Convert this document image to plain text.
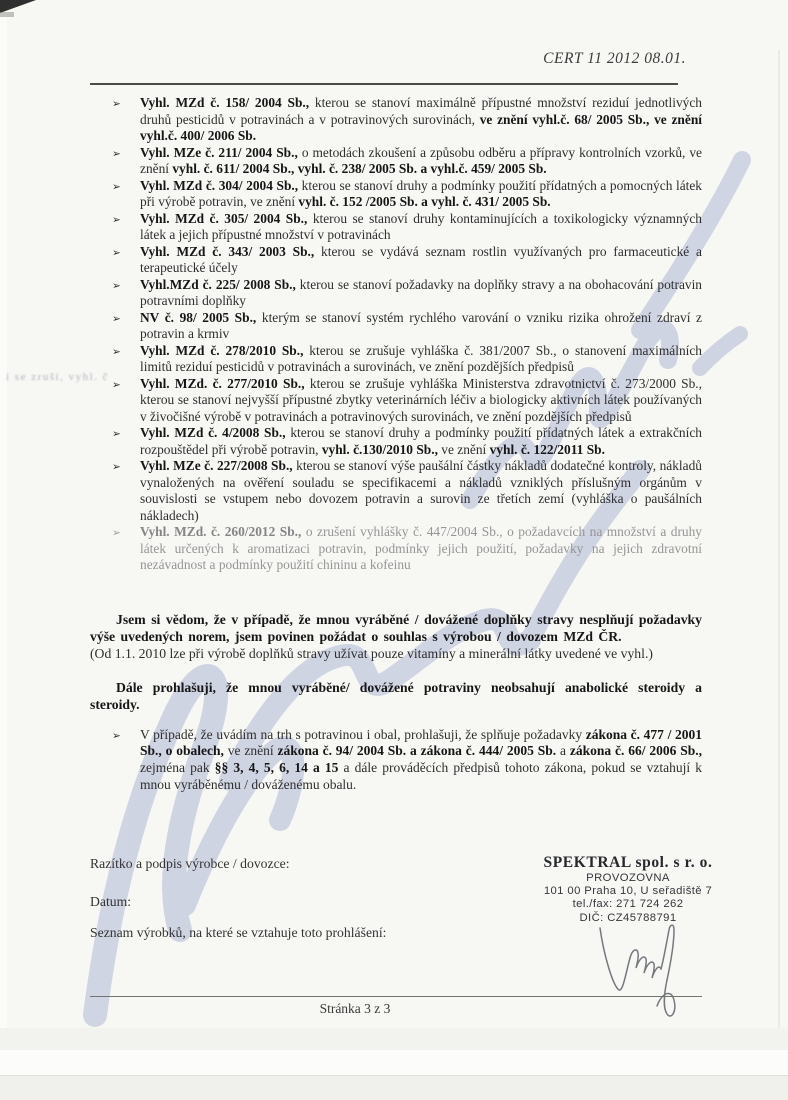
i se zruší, vyhl. č
CERT 11 2012 08.01.
➢ Vyhl. MZd č. 158/ 2004 Sb., kterou se stanoví maximálně přípustné množství reziduí jednotlivých druhů pesticidů v potravinách a v potravinových surovinách, ve znění vyhl.č. 68/ 2005 Sb., ve znění vyhl.č. 400/ 2006 Sb.
➢ Vyhl. MZe č. 211/ 2004 Sb., o metodách zkoušení a způsobu odběru a přípravy kontrolních vzorků, ve znění vyhl. č. 611/ 2004 Sb., vyhl. č. 238/ 2005 Sb. a vyhl.č. 459/ 2005 Sb.
➢ Vyhl. MZd č. 304/ 2004 Sb., kterou se stanoví druhy a podmínky použití přídatných a pomocných látek při výrobě potravin, ve znění vyhl. č. 152 /2005 Sb. a vyhl. č. 431/ 2005 Sb.
➢ Vyhl. MZd č. 305/ 2004 Sb., kterou se stanoví druhy kontaminujících a toxikologicky významných látek a jejich přípustné množství v potravinách
➢ Vyhl. MZd č. 343/ 2003 Sb., kterou se vydává seznam rostlin využívaných pro farmaceutické a terapeutické účely
➢ Vyhl.MZd č. 225/ 2008 Sb., kterou se stanoví požadavky na doplňky stravy a na obohacování potravin potravními doplňky
➢ NV č. 98/ 2005 Sb., kterým se stanoví systém rychlého varování o vzniku rizika ohrožení zdraví z potravin a krmiv
➢ Vyhl. MZd č. 278/2010 Sb., kterou se zrušuje vyhláška č. 381/2007 Sb., o stanovení maximálních limitů reziduí pesticidů v potravinách a surovinách, ve znění pozdějších předpisů
➢ Vyhl. MZd. č. 277/2010 Sb., kterou se zrušuje vyhláška Ministerstva zdravotnictví č. 273/2000 Sb., kterou se stanoví nejvyšší přípustné zbytky veterinárních léčiv a biologicky aktivních látek používaných v živočišné výrobě v potravinách a potravinových surovinách, ve znění pozdějších předpisů
➢ Vyhl. MZd č. 4/2008 Sb., kterou se stanoví druhy a podmínky použití přídatných látek a extrakčních rozpouštědel při výrobě potravin, vyhl. č.130/2010 Sb., ve znění vyhl. č. 122/2011 Sb.
➢ Vyhl. MZe č. 227/2008 Sb., kterou se stanoví výše paušální částky nákladů dodatečné kontroly, nákladů vynaložených na ověření souladu se specifikacemi a nákladů vzniklých příslušným orgánům v souvislosti se vstupem nebo dovozem potravin a surovin ze třetích zemí (vyhláška o paušálních nákladech)
➢ Vyhl. MZd. č. 260/2012 Sb., o zrušení vyhlášky č. 447/2004 Sb., o požadavcích na množství a druhy látek určených k aromatizaci potravin, podmínky jejich použití, požadavky na jejich zdravotní nezávadnost a podmínky použití chininu a kofeinu

Jsem si vědom, že v případě, že mnou vyráběné / dovážené doplňky stravy nesplňují požadavky výše uvedených norem, jsem povinen požádat o souhlas s výrobou / dovozem MZd ČR.

(Od 1.1. 2010 lze při výrobě doplňků stravy užívat pouze vitamíny a minerální látky uvedené ve vyhl.)

Dále prohlašuji, že mnou vyráběné/ dovážené potraviny neobsahují anabolické steroidy a steroidy.

➢ V případě, že uvádím na trh s potravinou i obal, prohlašuji, že splňuje požadavky zákona č. 477 / 2001 Sb., o obalech, ve znění zákona č. 94/ 2004 Sb. a zákona č. 444/ 2005 Sb. a zákona č. 66/ 2006 Sb., zejména pak §§ 3, 4, 5, 6, 14 a 15 a dále prováděcích předpisů tohoto zákona, pokud se vztahují k mnou vyráběnému / dováženému obalu.
Razítko a podpis výrobce / dovozce:
Datum:
Seznam výrobků, na které se vztahuje toto prohlášení:
SPEKTRAL spol. s r. o.
PROVOZOVNA
101 00 Praha 10, U seřadiště 7
tel./fax: 271 724 262
DIČ: CZ45788791
Stránka 3 z 3
